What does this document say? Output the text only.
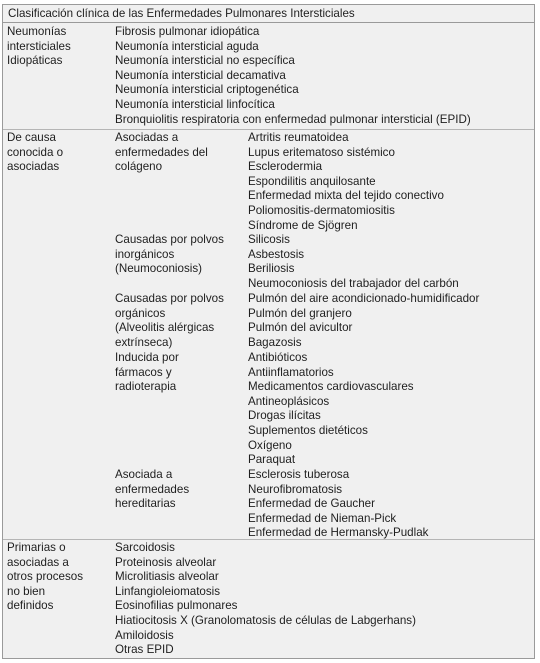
Clasificación clínica de las Enfermedades Pulmonares Intersticiales
Neumonías
intersticiales
Idiopáticas
Fibrosis pulmonar idiopática
Neumonía intersticial aguda
Neumonía intersticial no específica
Neumonía intersticial decamativa
Neumonía intersticial criptogenética
Neumonía intersticial linfocítica
Bronquiolitis respiratoria con enfermedad pulmonar intersticial (EPID)
De causa
conocida o
asociadas
Asociadas a
enfermedades del
colágeno
Artritis reumatoidea
Lupus eritematoso sistémico
Esclerodermia
Espondilitis anquilosante
Enfermedad mixta del tejido conectivo
Poliomositis-dermatomiositis
Síndrome de Sjögren
Causadas por polvos
inorgánicos
(Neumoconiosis)
Silicosis
Asbestosis
Beriliosis
Neumoconiosis del trabajador del carbón
Causadas por polvos
orgánicos
(Alveolitis alérgicas
extrínseca)
Pulmón del aire acondicionado-humidificador
Pulmón del granjero
Pulmón del avicultor
Bagazosis
Inducida por
fármacos y
radioterapia
Antibióticos
Antiinflamatorios
Medicamentos cardiovasculares
Antineoplásicos
Drogas ilícitas
Suplementos dietéticos
Oxígeno
Paraquat
Asociada a
enfermedades
hereditarias
Esclerosis tuberosa
Neurofibromatosis
Enfermedad de Gaucher
Enfermedad de Nieman-Pick
Enfermedad de Hermansky-Pudlak
Primarias o
asociadas a
otros procesos
no bien
definidos
Sarcoidosis
Proteinosis alveolar
Microlitiasis alveolar
Linfangioleiomatosis
Eosinofilias pulmonares
Hiatiocitosis X (Granolomatosis de células de Labgerhans)
Amiloidosis
Otras EPID
